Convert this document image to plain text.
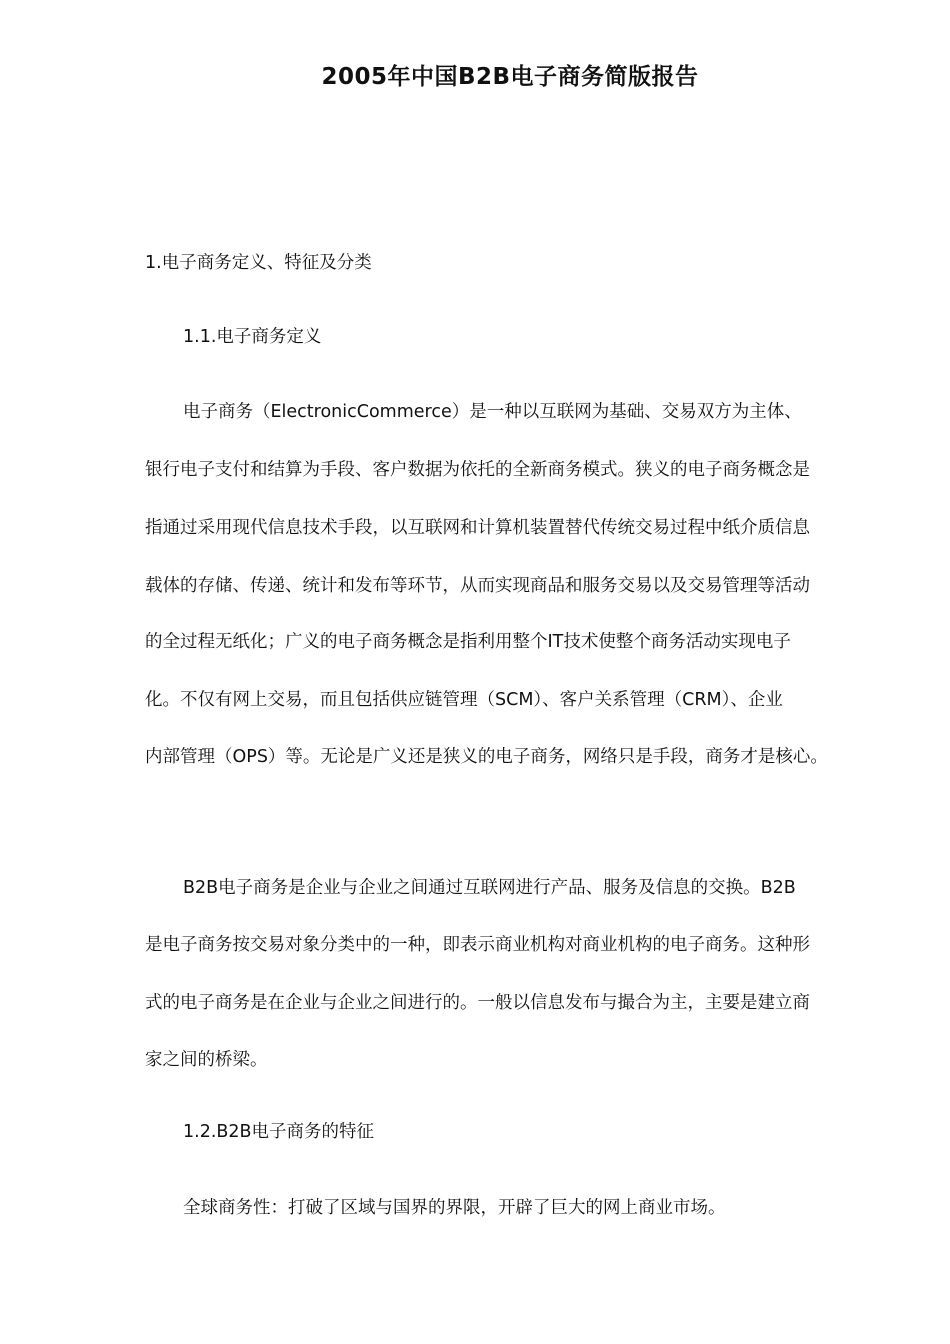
2005年中国B2B电子商务简版报告
1.电子商务定义、特征及分类
1.1.电子商务定义
电子商务（ElectronicCommerce）是一种以互联网为基础、交易双方为主体、
银行电子支付和结算为手段、客户数据为依托的全新商务模式。狭义的电子商务概念是
指通过采用现代信息技术手段，以互联网和计算机装置替代传统交易过程中纸介质信息
载体的存储、传递、统计和发布等环节，从而实现商品和服务交易以及交易管理等活动
的全过程无纸化；广义的电子商务概念是指利用整个IT技术使整个商务活动实现电子
化。不仅有网上交易，而且包括供应链管理（SCM）、客户关系管理（CRM）、企业
内部管理（OPS）等。无论是广义还是狭义的电子商务，网络只是手段，商务才是核心。
B2B电子商务是企业与企业之间通过互联网进行产品、服务及信息的交换。B2B
是电子商务按交易对象分类中的一种，即表示商业机构对商业机构的电子商务。这种形
式的电子商务是在企业与企业之间进行的。一般以信息发布与撮合为主，主要是建立商
家之间的桥梁。
1.2.B2B电子商务的特征
全球商务性：打破了区域与国界的界限，开辟了巨大的网上商业市场。
